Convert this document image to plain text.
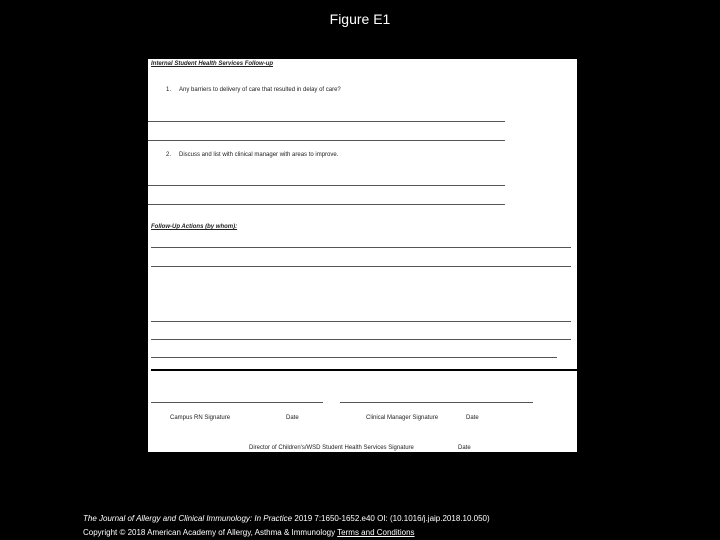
Figure E1
Internal Student Health Services Follow-up
1. Any barriers to delivery of care that resulted in delay of care?
2. Discuss and list with clinical manager with areas to improve.
Follow-Up Actions (by whom):
Campus RN Signature	Date	Clinical Manager Signature	Date
Director of Children's/WSD Student Health Services Signature	Date
The Journal of Allergy and Clinical Immunology: In Practice 2019 7:1650-1652.e40 OI: (10.1016/j.jaip.2018.10.050)
Copyright © 2018 American Academy of Allergy, Asthma & Immunology Terms and Conditions
